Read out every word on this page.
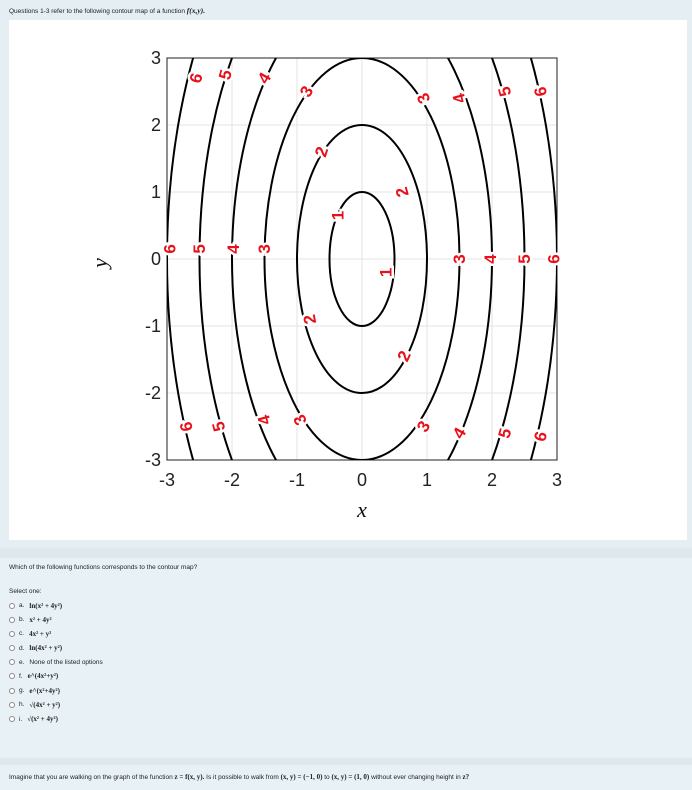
Questions 1-3 refer to the following contour map of a function f(x,y).
1
1
2
2
2
2
3	3
3
3
3	3
4
4
4
4
4
4
5
5
5
5
5	5
6
6
6
6
6
6
-3	-2	-1	0	1	2	3
3
2
1
0
-1
-2
-3
x
y
Which of the following functions corresponds to the contour map?
Select one:
a. ln(x² + 4y²)
b. x² + 4y²
c. 4x² + y²
d. ln(4x² + y²)
e. None of the listed options
f. e^(4x²+y²)
g. e^(x²+4y²)
h. √(4x² + y²)
i. √(x² + 4y²)
Imagine that you are walking on the graph of the function z = f(x, y). Is it possible to walk from (x, y) = (−1, 0) to (x, y) = (1, 0) without ever changing height in z?
